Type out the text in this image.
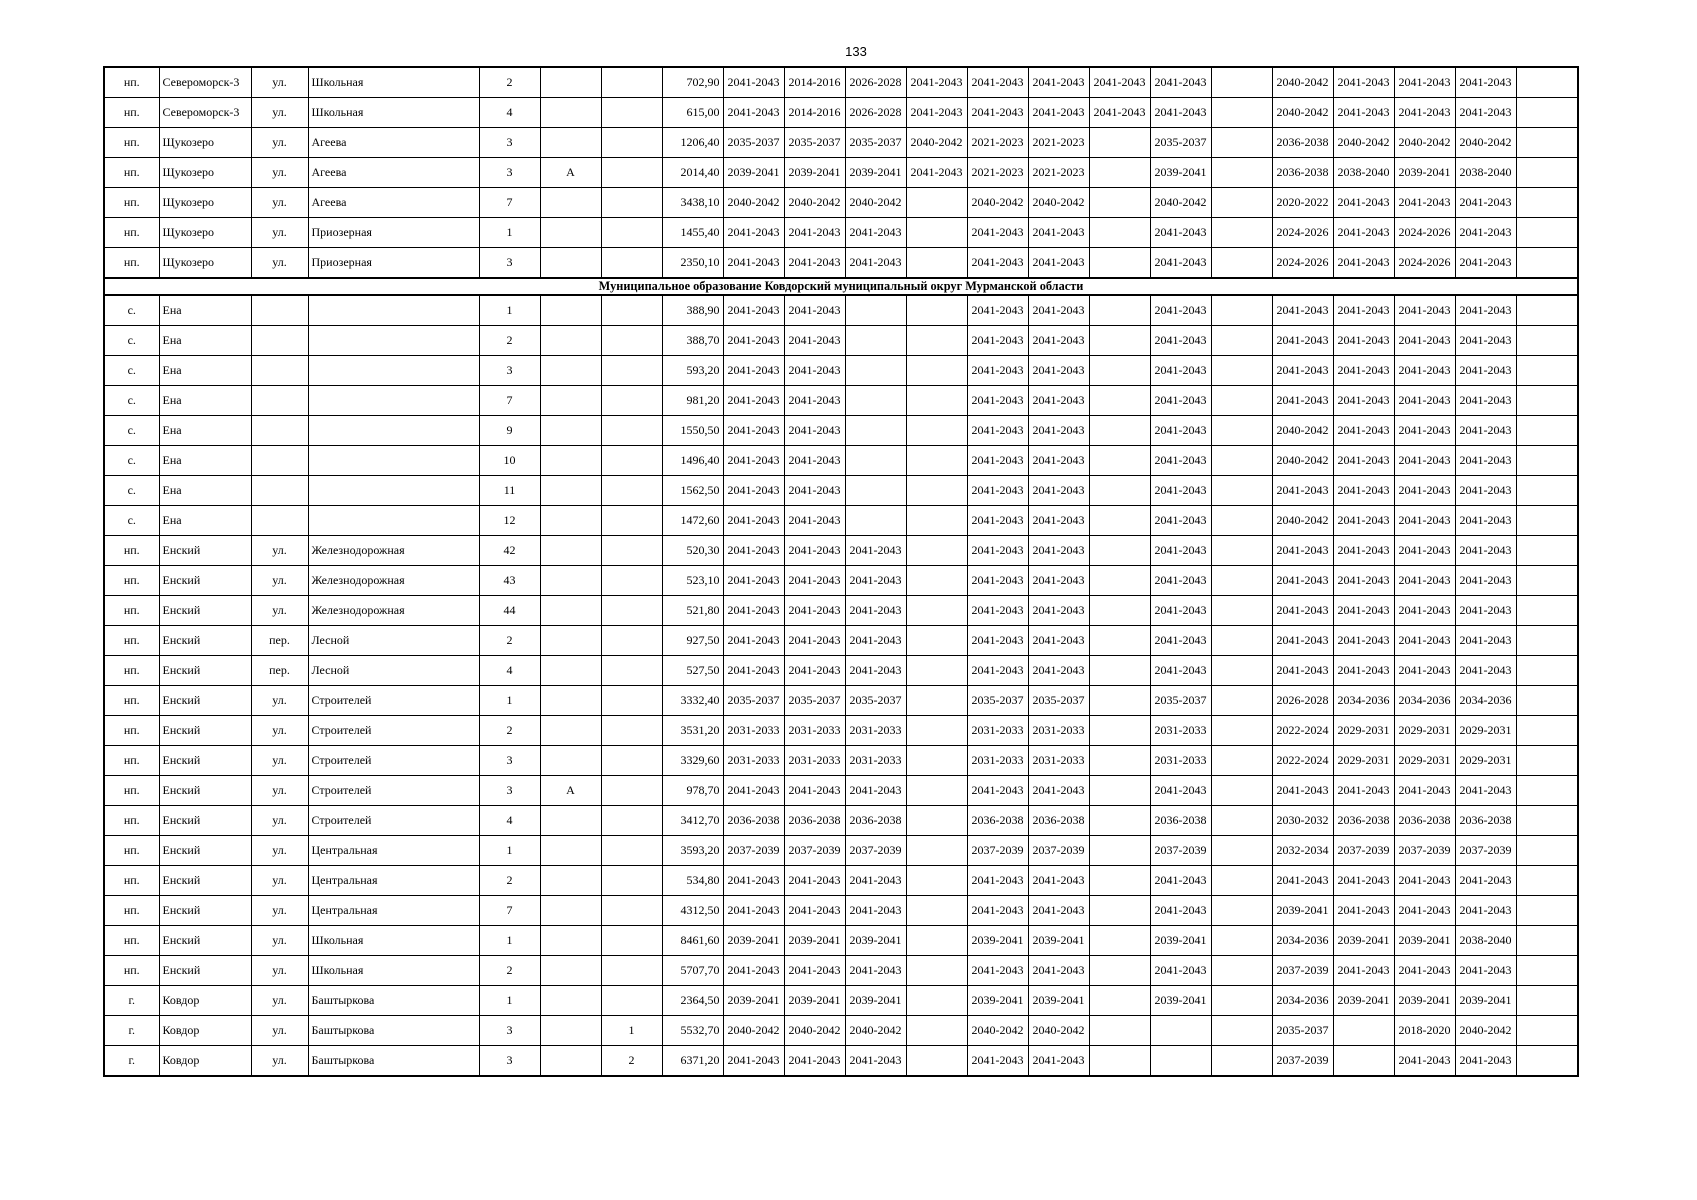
133
нп.	Североморск-3	ул.	Школьная	2			702,90	2041-2043	2014-2016	2026-2028	2041-2043	2041-2043	2041-2043	2041-2043	2041-2043		2040-2042	2041-2043	2041-2043	2041-2043	
нп.	Североморск-3	ул.	Школьная	4			615,00	2041-2043	2014-2016	2026-2028	2041-2043	2041-2043	2041-2043	2041-2043	2041-2043		2040-2042	2041-2043	2041-2043	2041-2043	
нп.	Щукозеро	ул.	Агеева	3			1206,40	2035-2037	2035-2037	2035-2037	2040-2042	2021-2023	2021-2023		2035-2037		2036-2038	2040-2042	2040-2042	2040-2042	
нп.	Щукозеро	ул.	Агеева	3	А		2014,40	2039-2041	2039-2041	2039-2041	2041-2043	2021-2023	2021-2023		2039-2041		2036-2038	2038-2040	2039-2041	2038-2040	
нп.	Щукозеро	ул.	Агеева	7			3438,10	2040-2042	2040-2042	2040-2042		2040-2042	2040-2042		2040-2042		2020-2022	2041-2043	2041-2043	2041-2043	
нп.	Щукозеро	ул.	Приозерная	1			1455,40	2041-2043	2041-2043	2041-2043		2041-2043	2041-2043		2041-2043		2024-2026	2041-2043	2024-2026	2041-2043	
нп.	Щукозеро	ул.	Приозерная	3			2350,10	2041-2043	2041-2043	2041-2043		2041-2043	2041-2043		2041-2043		2024-2026	2041-2043	2024-2026	2041-2043	
Муниципальное образование Ковдорский муниципальный округ Мурманской области																					
с.	Ена			1			388,90	2041-2043	2041-2043			2041-2043	2041-2043		2041-2043		2041-2043	2041-2043	2041-2043	2041-2043	
с.	Ена			2			388,70	2041-2043	2041-2043			2041-2043	2041-2043		2041-2043		2041-2043	2041-2043	2041-2043	2041-2043	
с.	Ена			3			593,20	2041-2043	2041-2043			2041-2043	2041-2043		2041-2043		2041-2043	2041-2043	2041-2043	2041-2043	
с.	Ена			7			981,20	2041-2043	2041-2043			2041-2043	2041-2043		2041-2043		2041-2043	2041-2043	2041-2043	2041-2043	
с.	Ена			9			1550,50	2041-2043	2041-2043			2041-2043	2041-2043		2041-2043		2040-2042	2041-2043	2041-2043	2041-2043	
с.	Ена			10			1496,40	2041-2043	2041-2043			2041-2043	2041-2043		2041-2043		2040-2042	2041-2043	2041-2043	2041-2043	
с.	Ена			11			1562,50	2041-2043	2041-2043			2041-2043	2041-2043		2041-2043		2041-2043	2041-2043	2041-2043	2041-2043	
с.	Ена			12			1472,60	2041-2043	2041-2043			2041-2043	2041-2043		2041-2043		2040-2042	2041-2043	2041-2043	2041-2043	
нп.	Енский	ул.	Железнодорожная	42			520,30	2041-2043	2041-2043	2041-2043		2041-2043	2041-2043		2041-2043		2041-2043	2041-2043	2041-2043	2041-2043	
нп.	Енский	ул.	Железнодорожная	43			523,10	2041-2043	2041-2043	2041-2043		2041-2043	2041-2043		2041-2043		2041-2043	2041-2043	2041-2043	2041-2043	
нп.	Енский	ул.	Железнодорожная	44			521,80	2041-2043	2041-2043	2041-2043		2041-2043	2041-2043		2041-2043		2041-2043	2041-2043	2041-2043	2041-2043	
нп.	Енский	пер.	Лесной	2			927,50	2041-2043	2041-2043	2041-2043		2041-2043	2041-2043		2041-2043		2041-2043	2041-2043	2041-2043	2041-2043	
нп.	Енский	пер.	Лесной	4			527,50	2041-2043	2041-2043	2041-2043		2041-2043	2041-2043		2041-2043		2041-2043	2041-2043	2041-2043	2041-2043	
нп.	Енский	ул.	Строителей	1			3332,40	2035-2037	2035-2037	2035-2037		2035-2037	2035-2037		2035-2037		2026-2028	2034-2036	2034-2036	2034-2036	
нп.	Енский	ул.	Строителей	2			3531,20	2031-2033	2031-2033	2031-2033		2031-2033	2031-2033		2031-2033		2022-2024	2029-2031	2029-2031	2029-2031	
нп.	Енский	ул.	Строителей	3			3329,60	2031-2033	2031-2033	2031-2033		2031-2033	2031-2033		2031-2033		2022-2024	2029-2031	2029-2031	2029-2031	
нп.	Енский	ул.	Строителей	3	А		978,70	2041-2043	2041-2043	2041-2043		2041-2043	2041-2043		2041-2043		2041-2043	2041-2043	2041-2043	2041-2043	
нп.	Енский	ул.	Строителей	4			3412,70	2036-2038	2036-2038	2036-2038		2036-2038	2036-2038		2036-2038		2030-2032	2036-2038	2036-2038	2036-2038	
нп.	Енский	ул.	Центральная	1			3593,20	2037-2039	2037-2039	2037-2039		2037-2039	2037-2039		2037-2039		2032-2034	2037-2039	2037-2039	2037-2039	
нп.	Енский	ул.	Центральная	2			534,80	2041-2043	2041-2043	2041-2043		2041-2043	2041-2043		2041-2043		2041-2043	2041-2043	2041-2043	2041-2043	
нп.	Енский	ул.	Центральная	7			4312,50	2041-2043	2041-2043	2041-2043		2041-2043	2041-2043		2041-2043		2039-2041	2041-2043	2041-2043	2041-2043	
нп.	Енский	ул.	Школьная	1			8461,60	2039-2041	2039-2041	2039-2041		2039-2041	2039-2041		2039-2041		2034-2036	2039-2041	2039-2041	2038-2040	
нп.	Енский	ул.	Школьная	2			5707,70	2041-2043	2041-2043	2041-2043		2041-2043	2041-2043		2041-2043		2037-2039	2041-2043	2041-2043	2041-2043	
г.	Ковдор	ул.	Баштыркова	1			2364,50	2039-2041	2039-2041	2039-2041		2039-2041	2039-2041		2039-2041		2034-2036	2039-2041	2039-2041	2039-2041	
г.	Ковдор	ул.	Баштыркова	3		1	5532,70	2040-2042	2040-2042	2040-2042		2040-2042	2040-2042				2035-2037		2018-2020	2040-2042	
г.	Ковдор	ул.	Баштыркова	3		2	6371,20	2041-2043	2041-2043	2041-2043		2041-2043	2041-2043				2037-2039		2041-2043	2041-2043	
